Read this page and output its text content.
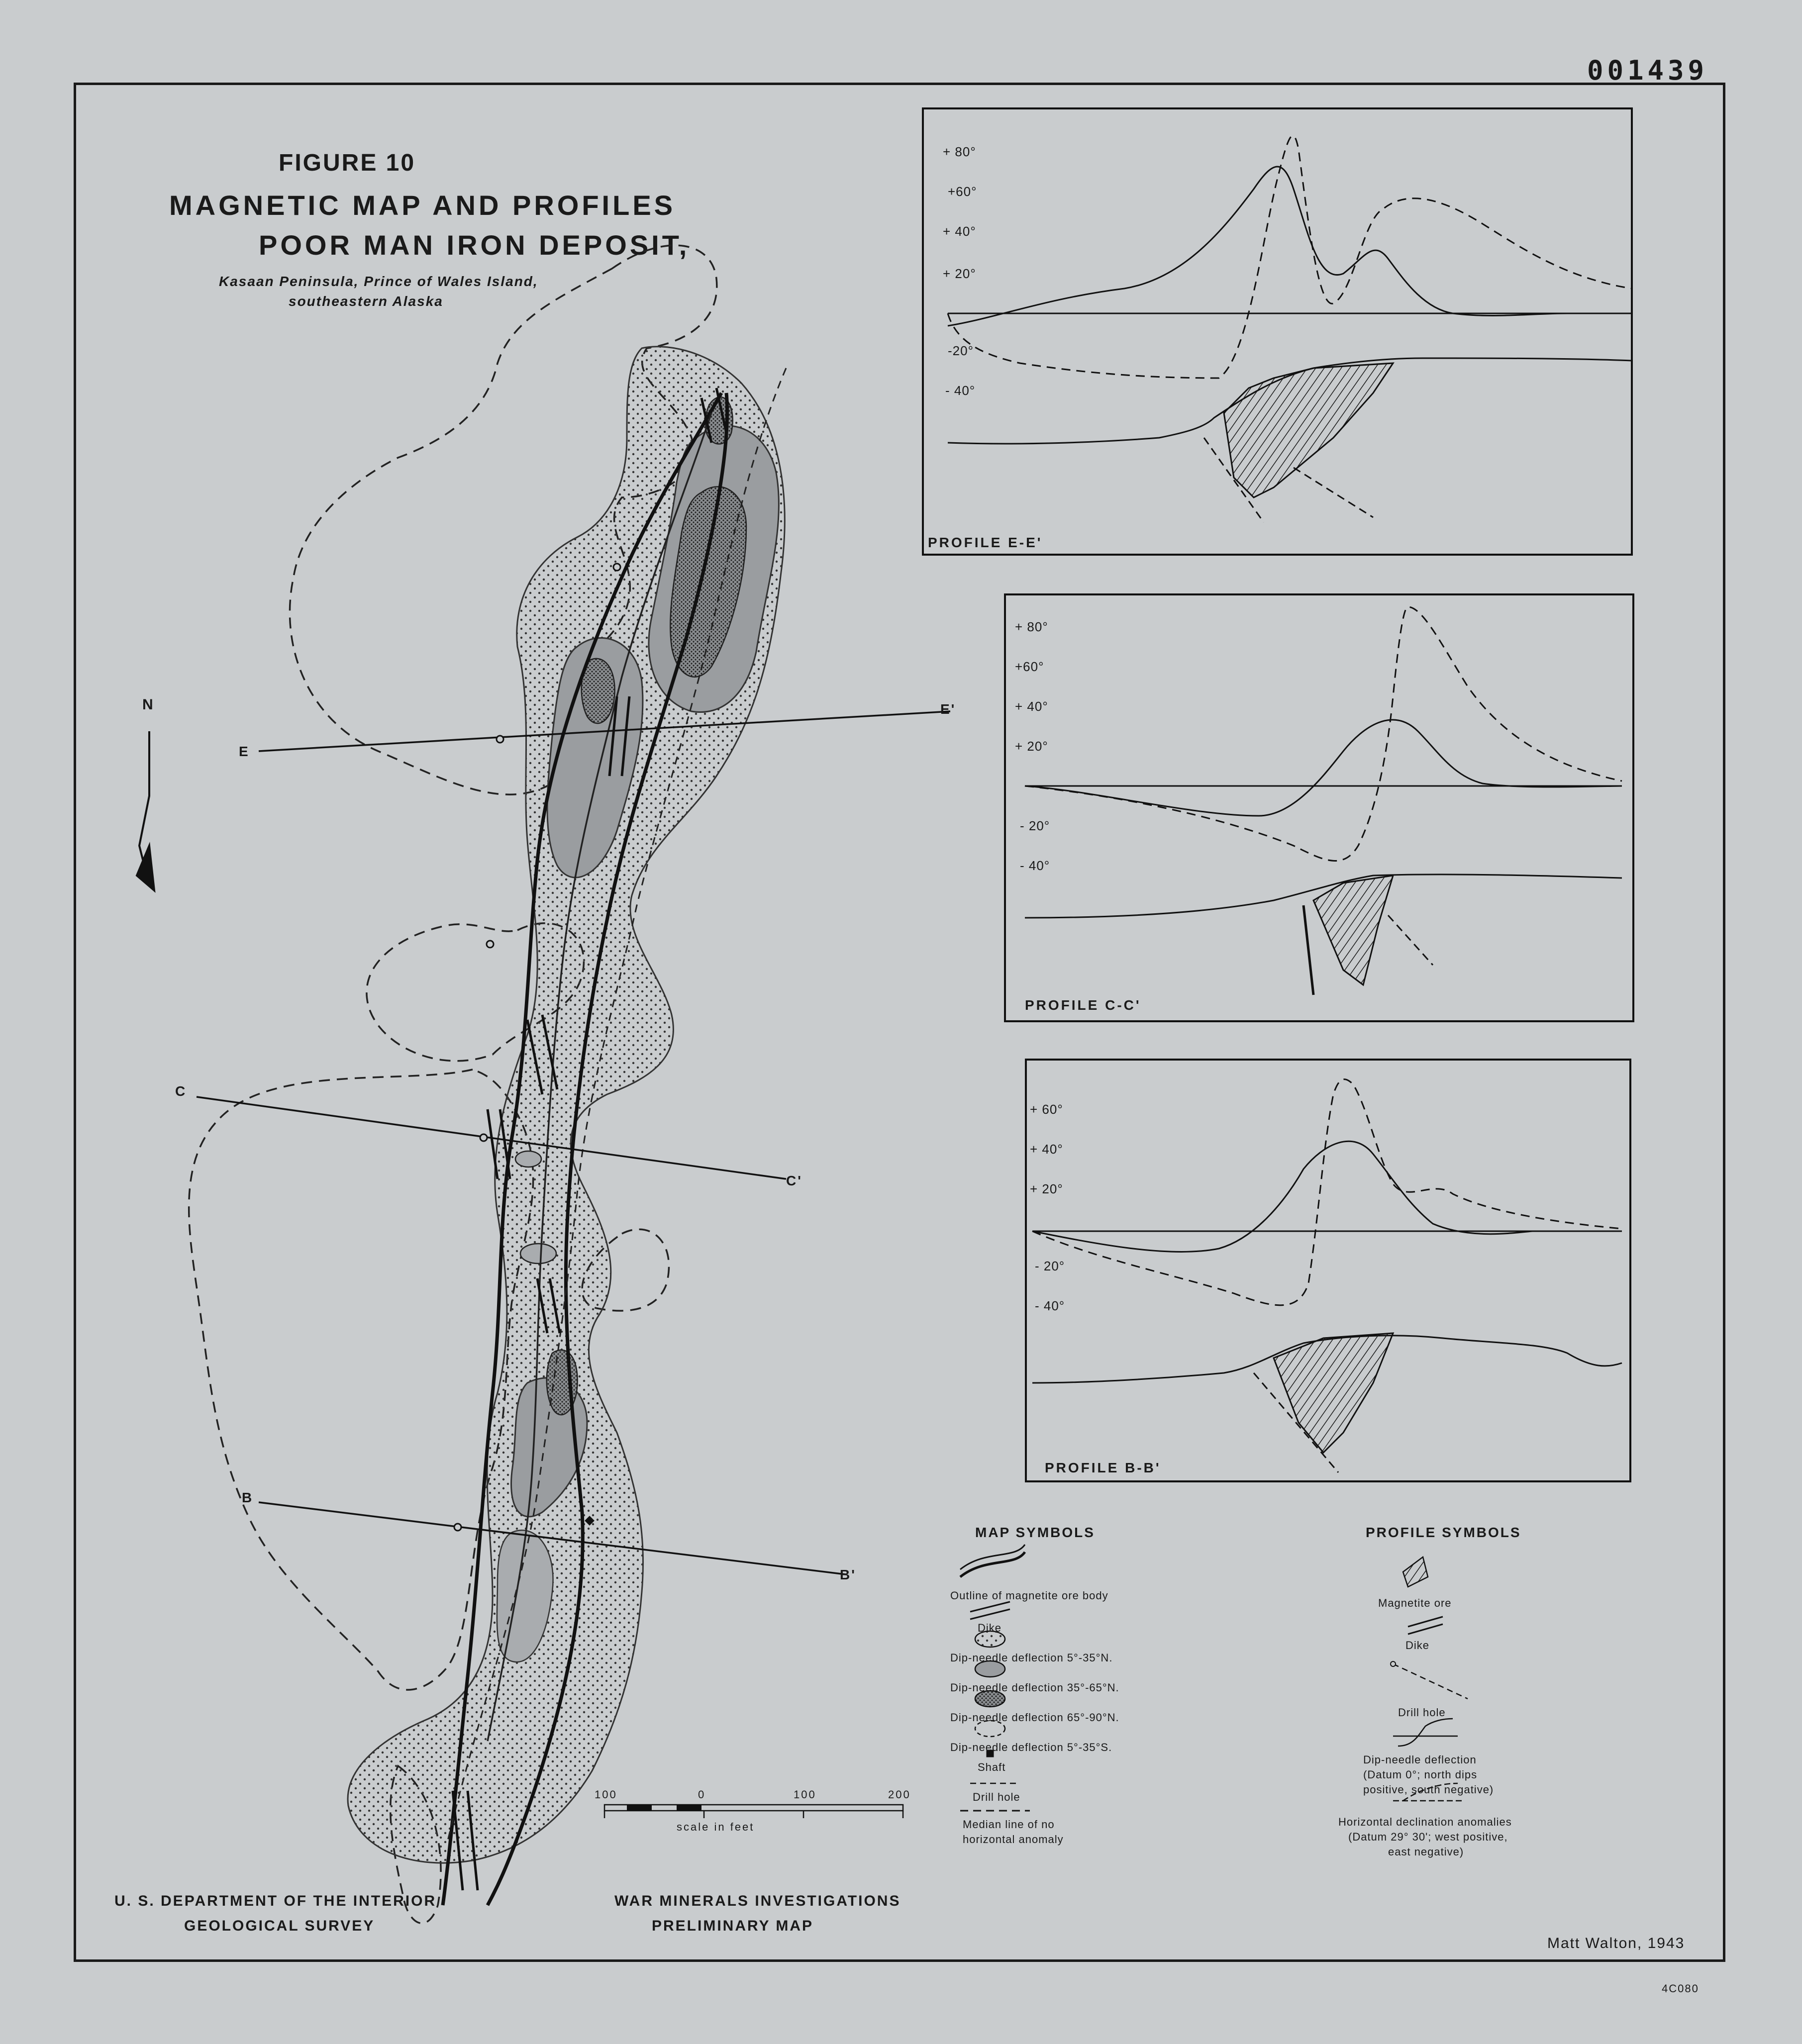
001439
4C080
FIGURE 10
MAGNETIC MAP AND PROFILES
POOR MAN IRON DEPOSIT,
Kasaan Peninsula, Prince of Wales Island,
southeastern Alaska
N
E
E'
C
C'
B
B'
+ 80°
+60°
+ 40°
+ 20°
-20°
- 40°
PROFILE E-E'
+ 80°
+60°
+ 40°
+ 20°
- 20°
- 40°
PROFILE C-C'
+ 60°
+ 40°
+ 20°
- 20°
- 40°
PROFILE B-B'
100	0	100	200
scale in feet
MAP SYMBOLS
Outline of magnetite ore body
Dike
Dip-needle deflection 5°-35°N.
Dip-needle deflection 35°-65°N.
Dip-needle deflection 65°-90°N.
Dip-needle deflection 5°-35°S.
Shaft
Drill hole
Median line of no
horizontal anomaly
PROFILE SYMBOLS
Magnetite ore
Dike
Drill hole
Dip-needle deflection
(Datum 0°; north dips
positive, south negative)
Horizontal declination anomalies
(Datum 29° 30'; west positive,
east negative)
U. S. DEPARTMENT OF THE INTERIOR
GEOLOGICAL SURVEY
WAR MINERALS INVESTIGATIONS
PRELIMINARY MAP
Matt Walton, 1943
